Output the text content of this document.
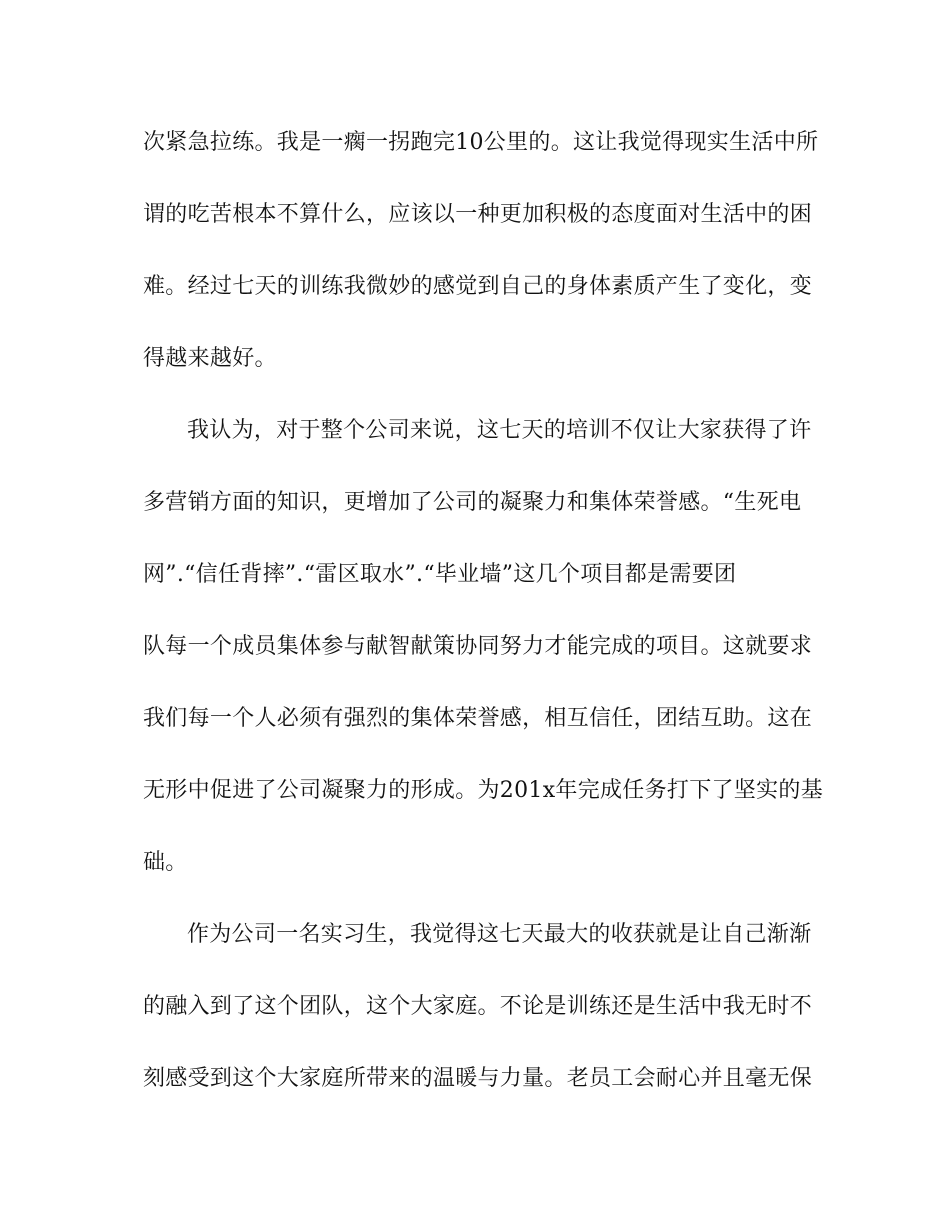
次紧急拉练。我是一瘸一拐跑完10公里的。这让我觉得现实生活中所
谓的吃苦根本不算什么，应该以一种更加积极的态度面对生活中的困
难。经过七天的训练我微妙的感觉到自己的身体素质产生了变化，变
得越来越好。
我认为，对于整个公司来说，这七天的培训不仅让大家获得了许
多营销方面的知识，更增加了公司的凝聚力和集体荣誉感。“生死电
网”.“信任背摔”.“雷区取水”.“毕业墙”这几个项目都是需要团
队每一个成员集体参与献智献策协同努力才能完成的项目。这就要求
我们每一个人必须有强烈的集体荣誉感，相互信任，团结互助。这在
无形中促进了公司凝聚力的形成。为201x年完成任务打下了坚实的基
础。
作为公司一名实习生，我觉得这七天最大的收获就是让自己渐渐
的融入到了这个团队，这个大家庭。不论是训练还是生活中我无时不
刻感受到这个大家庭所带来的温暖与力量。老员工会耐心并且毫无保
